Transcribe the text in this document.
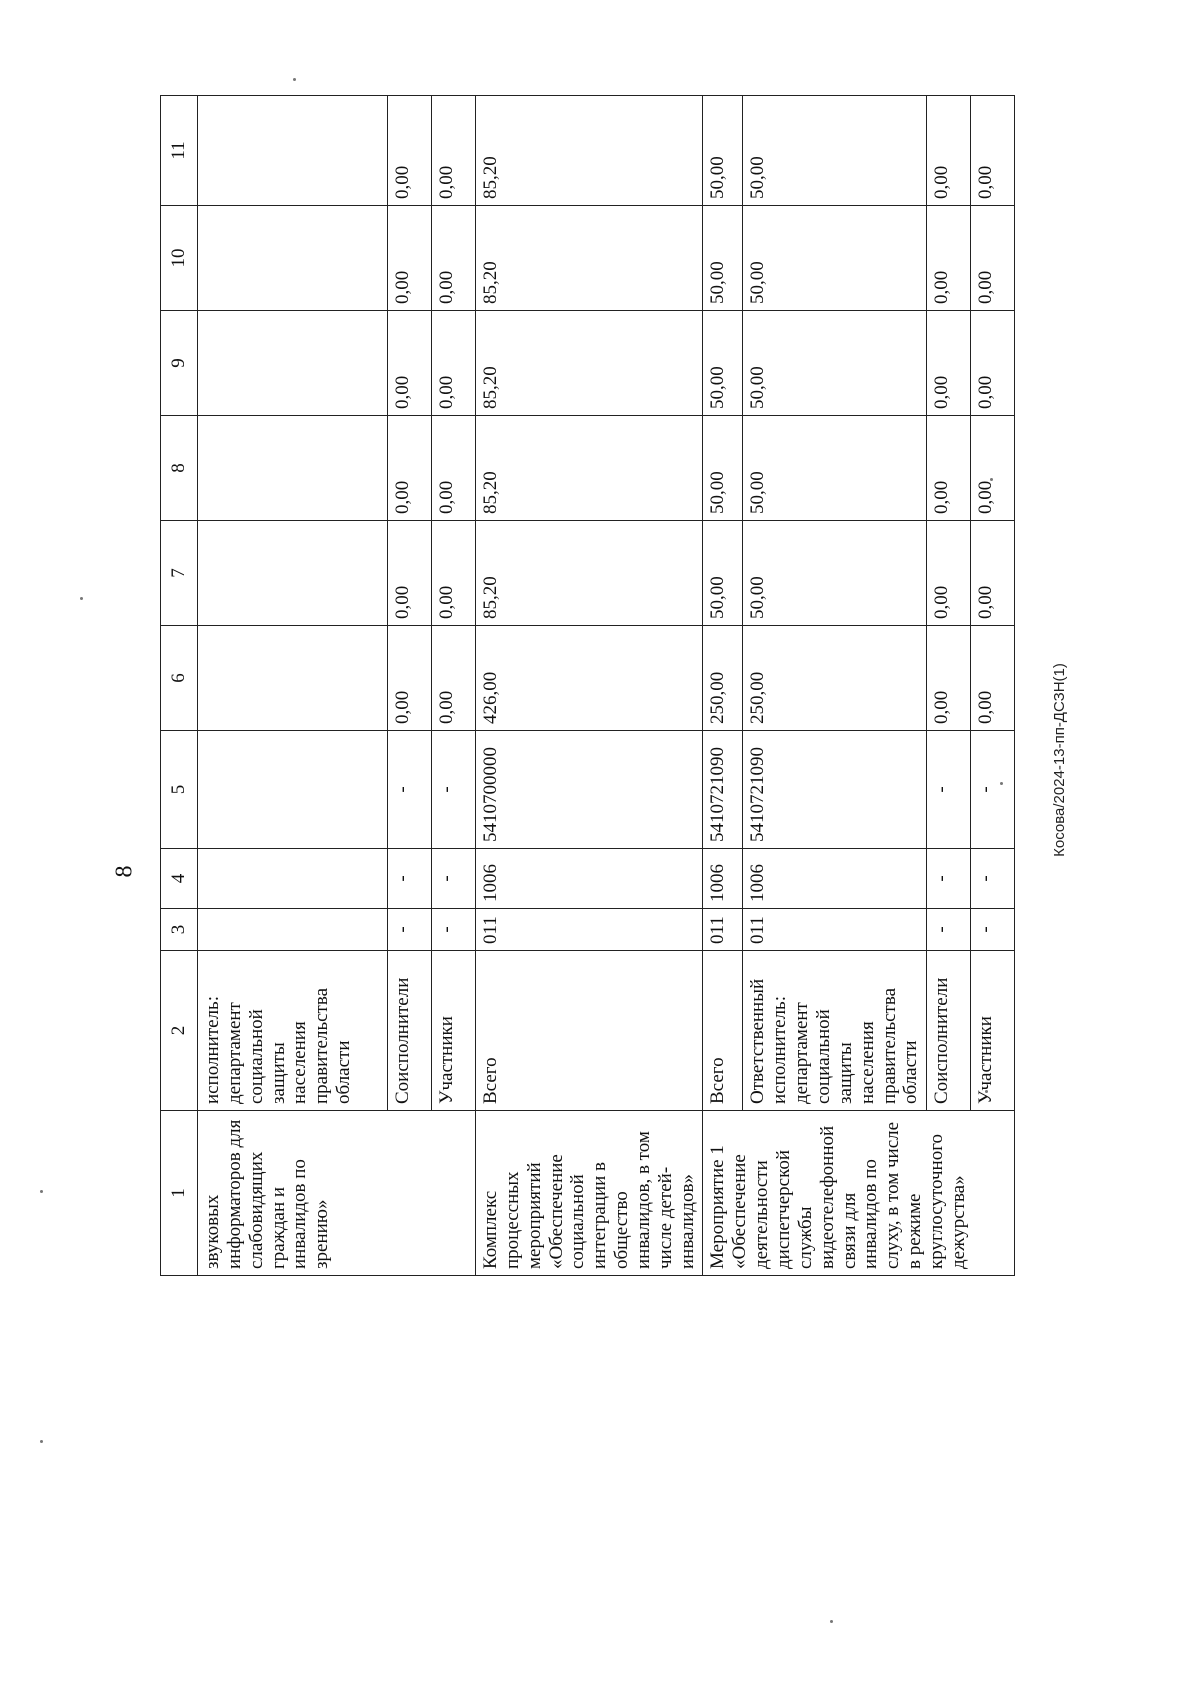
8
Косова/2024-13-пп-ДСЗН(1)
1	2	3	4	5	6	7	8	9	10	11
звуковых информаторов для слабовидящих граждан и инвалидов по зрению»	исполнитель: департамент социальной защиты населения правительства области									
	Соисполнители	-	-	-	0,00	0,00	0,00	0,00	0,00	0,00
	Участники	-	-	-	0,00	0,00	0,00	0,00	0,00	0,00
Комплекс процессных мероприятий «Обеспечение социальной интеграции в общество инвалидов, в том числе детей-инвалидов»	Всего	011	1006	5410700000	426,00	85,20	85,20	85,20	85,20	85,20
Мероприятие 1 «Обеспечение деятельности диспетчерской службы видеотелефонной связи для инвалидов по слуху, в том числе в режиме круглосуточного дежурства»	Всего	011	1006	5410721090	250,00	50,00	50,00	50,00	50,00	50,00
	Ответственный исполнитель: департамент социальной защиты населения правительства области	011	1006	5410721090	250,00	50,00	50,00	50,00	50,00	50,00
	Соисполнители	-	-	-	0,00	0,00	0,00	0,00	0,00	0,00
	Участники	-	-	-	0,00	0,00	0,00	0,00	0,00	0,00
